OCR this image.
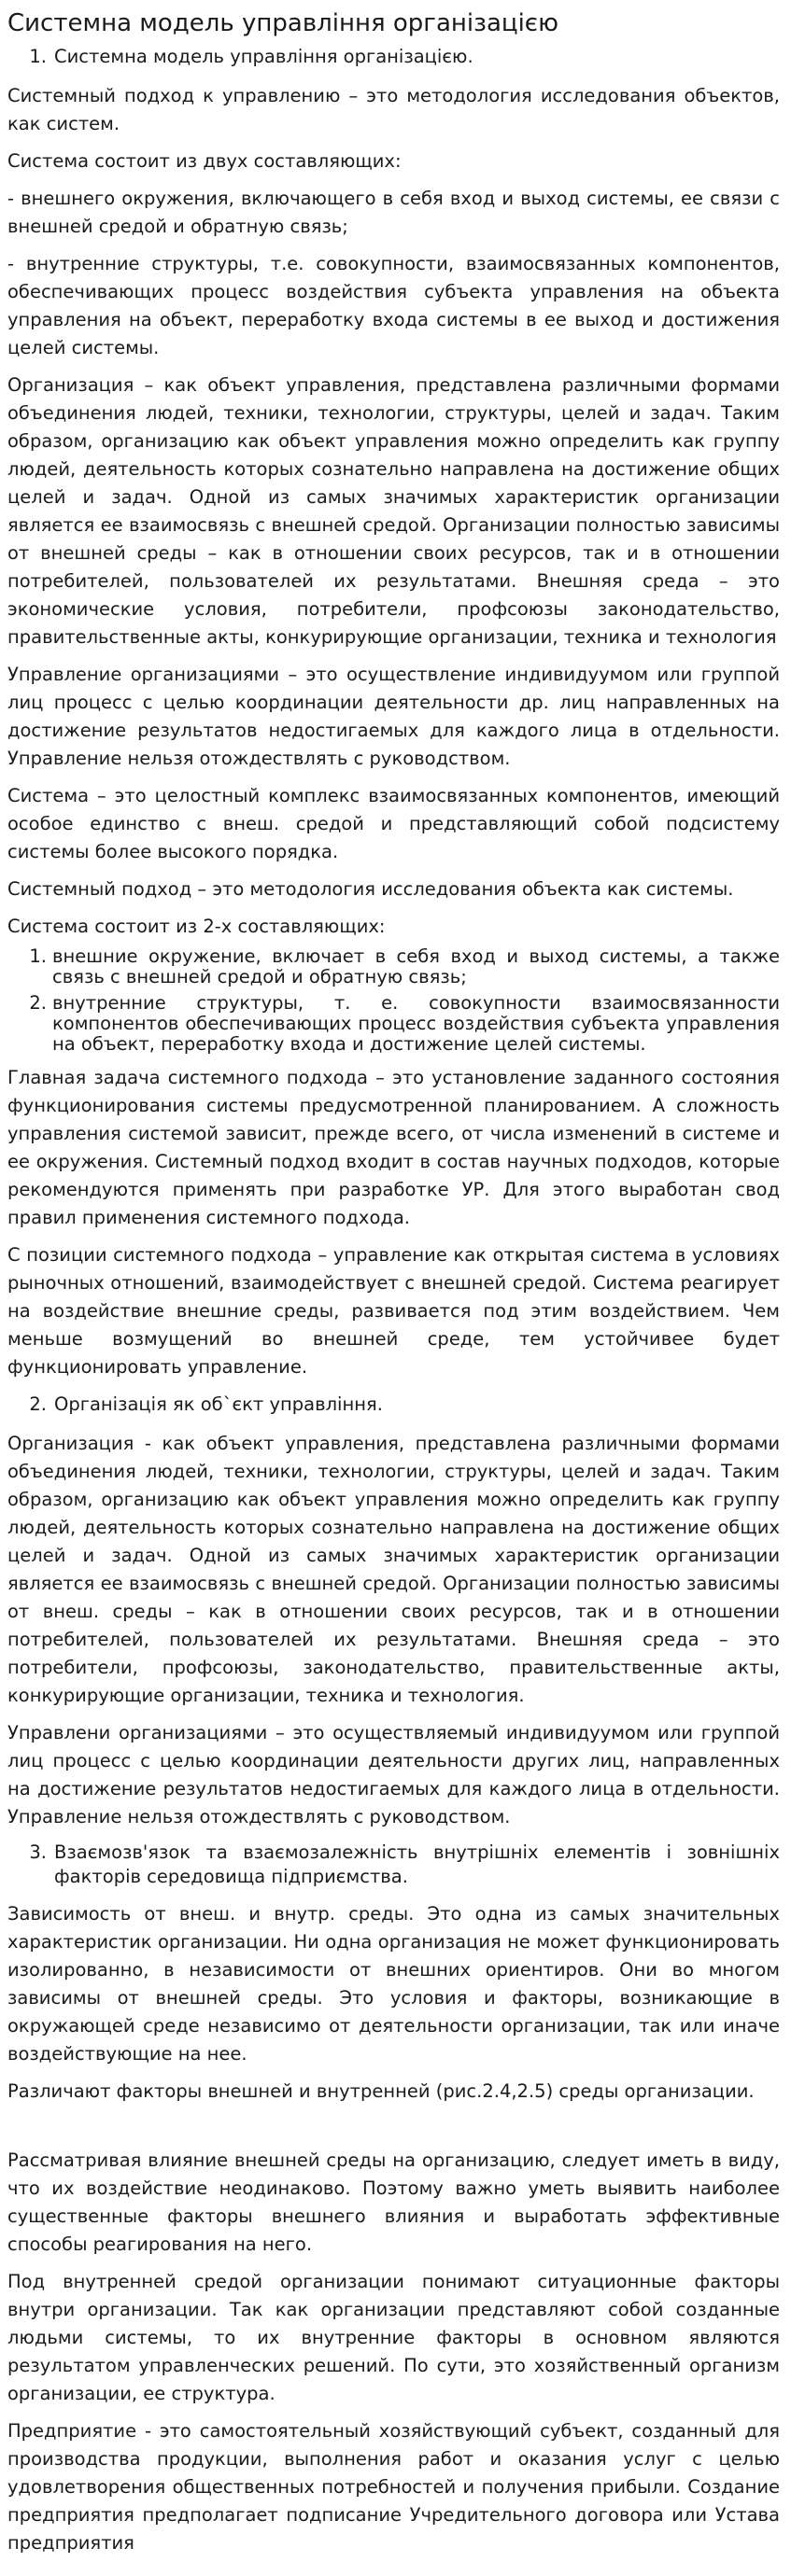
Системна модель управління організацією
1. Системна модель управління організацією.

Системный подход к управлению – это методология исследования объектов, как систем.

Система состоит из двух составляющих:

- внешнего окружения, включающего в себя вход и выход системы, ее связи с внешней средой и обратную связь;

- внутренние структуры, т.е. совокупности, взаимосвязанных компонентов, обеспечивающих процесс воздействия субъекта управления на объекта управления на объект, переработку входа системы в ее выход и достижения целей системы.

Организация – как объект управления, представлена различными формами объединения людей, техники, технологии, структуры, целей и задач. Таким образом, организацию как объект управления можно определить как группу людей, деятельность которых сознательно направлена на достижение общих целей и задач. Одной из самых значимых характеристик организации является ее взаимосвязь с внешней средой. Организации полностью зависимы от внешней среды – как в отношении своих ресурсов, так и в отношении потребителей, пользователей их результатами. Внешняя среда – это экономические условия, потребители, профсоюзы законодательство, правительственные акты, конкурирующие организации, техника и технология

Управление организациями – это осуществление индивидуумом или группой лиц процесс с целью координации деятельности др. лиц направленных на достижение результатов недостигаемых для каждого лица в отдельности. Управление нельзя отождествлять с руководством.

Система – это целостный комплекс взаимосвязанных компонентов, имеющий особое единство с внеш. средой и представляющий собой подсистему системы более высокого порядка.

Системный подход – это методология исследования объекта как системы.

Система состоит из 2-х составляющих:

1. внешние окружение, включает в себя вход и выход системы, а также связь с внешней средой и обратную связь;
2. внутренние структуры, т. е. совокупности взаимосвязанности компонентов обеспечивающих процесс воздействия субъекта управления на объект, переработку входа и достижение целей системы.

Главная задача системного подхода – это установление заданного состояния функционирования системы предусмотренной планированием. А сложность управления системой зависит, прежде всего, от числа изменений в системе и ее окружения. Системный подход входит в состав научных подходов, которые рекомендуются применять при разработке УР. Для этого выработан свод правил применения системного подхода.

С позиции системного подхода – управление как открытая система в условиях рыночных отношений, взаимодействует с внешней средой. Система реагирует на воздействие внешние среды, развивается под этим воздействием. Чем меньше возмущений во внешней среде, тем устойчивее будет функционировать управление.

2. Організація як об`єкт управління.

Организация - как объект управления, представлена различными формами объединения людей, техники, технологии, структуры, целей и задач. Таким образом, организацию как объект управления можно определить как группу людей, деятельность которых сознательно направлена на достижение общих целей и задач. Одной из самых значимых характеристик организации является ее взаимосвязь с внешней средой. Организации полностью зависимы от внеш. среды – как в отношении своих ресурсов, так и в отношении потребителей, пользователей их результатами. Внешняя среда – это потребители, профсоюзы, законодательство, правительственные акты, конкурирующие организации, техника и технология.

Управлени организациями – это осуществляемый индивидуумом или группой лиц процесс с целью координации деятельности других лиц, направленных на достижение результатов недостигаемых для каждого лица в отдельности. Управление нельзя отождествлять с руководством.

3. Взаємозв'язок та взаємозалежність внутрішніх елементів і зовнішніх факторів середовища підприємства.

Зависимость от внеш. и внутр. среды. Это одна из самых значительных характеристик организации. Ни одна организация не может функционировать изолированно, в независимости от внешних ориентиров. Они во многом зависимы от внешней среды. Это условия и факторы, возникающие в окружающей среде независимо от деятельности организации, так или иначе воздействующие на нее.

Различают факторы внешней и внутренней (рис.2.4,2.5) среды организации.

Рассматривая влияние внешней среды на организацию, следует иметь в виду, что их воздействие неодинаково. Поэтому важно уметь выявить наиболее существенные факторы внешнего влияния и выработать эффективные способы реагирования на него.

Под внутренней средой организации понимают ситуационные факторы внутри организации. Так как организации представляют собой созданные людьми системы, то их внутренние факторы в основном являются результатом управленческих решений. По сути, это хозяйственный организм организации, ее структура.

Предприятие - это самостоятельный хозяйствующий субъект, созданный для производства продукции, выполнения работ и оказания услуг с целью удовлетворения общественных потребностей и получения прибыли. Создание предприятия предполагает подписание Учредительного договора или Устава предприятия
